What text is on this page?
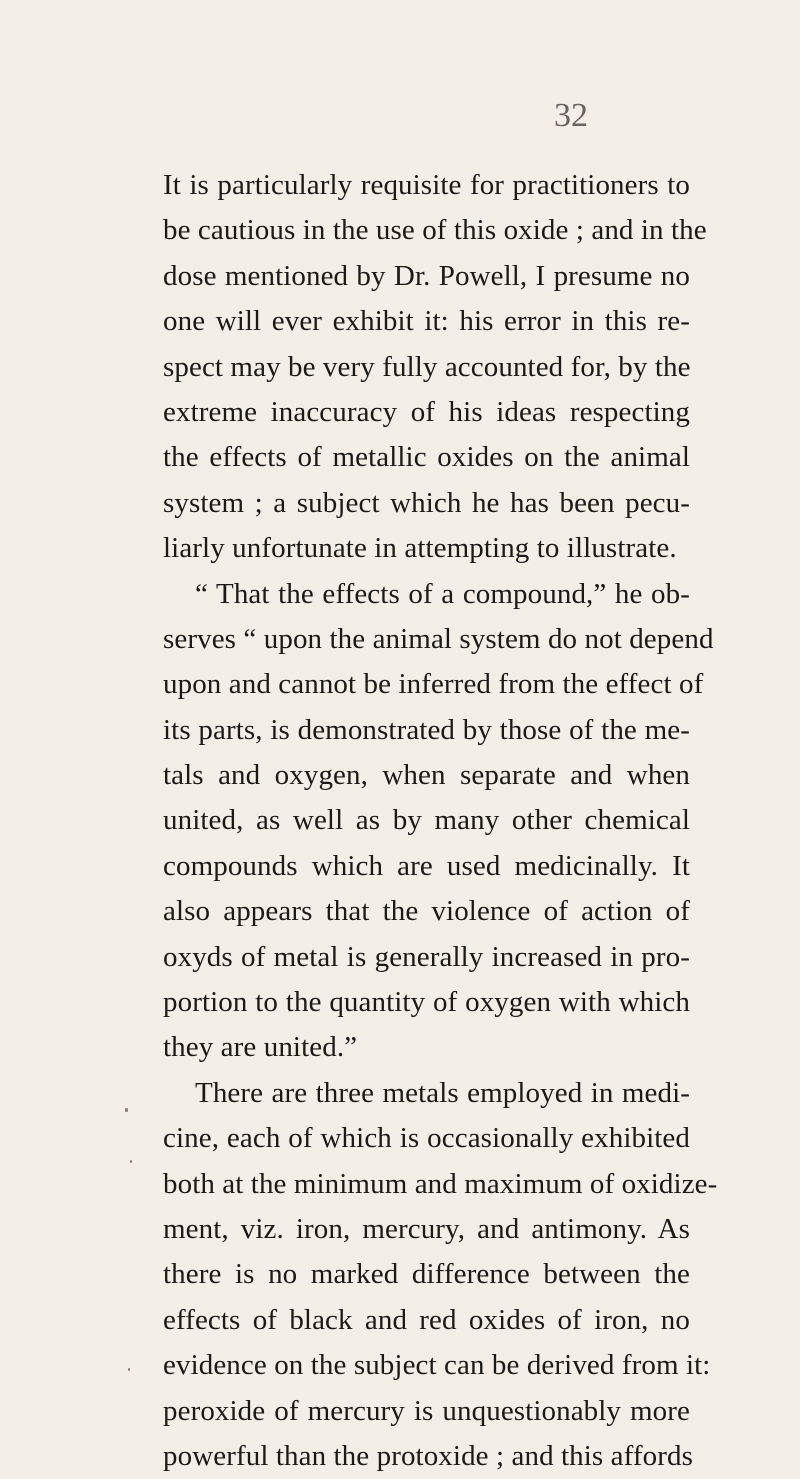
32
It is particularly requisite for practitioners to
be cautious in the use of this oxide ; and in the
dose mentioned by Dr. Powell, I presume no
one will ever exhibit it: his error in this re-
spect may be very fully accounted for, by the
extreme inaccuracy of his ideas respecting
the effects of metallic oxides on the animal
system ; a subject which he has been pecu-
liarly unfortunate in attempting to illustrate.
“ That the effects of a compound,” he ob-
serves “ upon the animal system do not depend
upon and cannot be inferred from the effect of
its parts, is demonstrated by those of the me-
tals and oxygen, when separate and when
united, as well as by many other chemical
compounds which are used medicinally. It
also appears that the violence of action of
oxyds of metal is generally increased in pro-
portion to the quantity of oxygen with which
they are united.”
There are three metals employed in medi-
cine, each of which is occasionally exhibited
both at the minimum and maximum of oxidize-
ment, viz. iron, mercury, and antimony. As
there is no marked difference between the
effects of black and red oxides of iron, no
evidence on the subject can be derived from it:
peroxide of mercury is unquestionably more
powerful than the protoxide ; and this affords
